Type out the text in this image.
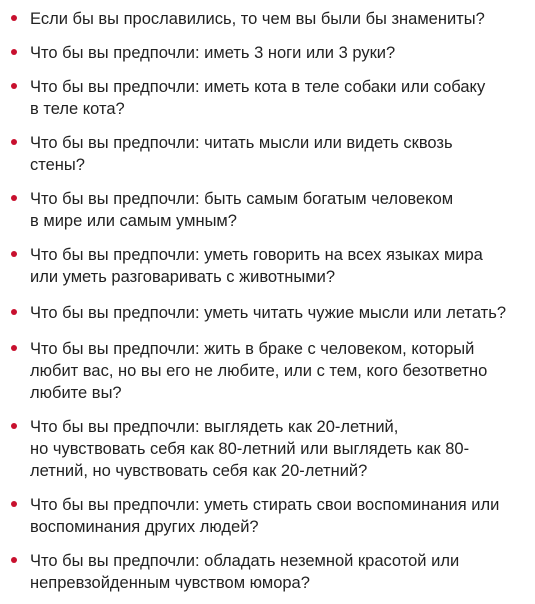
Если бы вы прославились, то чем вы были бы знамениты?
Что бы вы предпочли: иметь 3 ноги или 3 руки?
Что бы вы предпочли: иметь кота в теле собаки или собаку
в теле кота?
Что бы вы предпочли: читать мысли или видеть сквозь
стены?
Что бы вы предпочли: быть самым богатым человеком
в мире или самым умным?
Что бы вы предпочли: уметь говорить на всех языках мира
или уметь разговаривать с животными?
Что бы вы предпочли: уметь читать чужие мысли или летать?
Что бы вы предпочли: жить в браке с человеком, который
любит вас, но вы его не любите, или с тем, кого безответно
любите вы?
Что бы вы предпочли: выглядеть как 20-летний,
но чувствовать себя как 80-летний или выглядеть как 80-
летний, но чувствовать себя как 20-летний?
Что бы вы предпочли: уметь стирать свои воспоминания или
воспоминания других людей?
Что бы вы предпочли: обладать неземной красотой или
непревзойденным чувством юмора?
